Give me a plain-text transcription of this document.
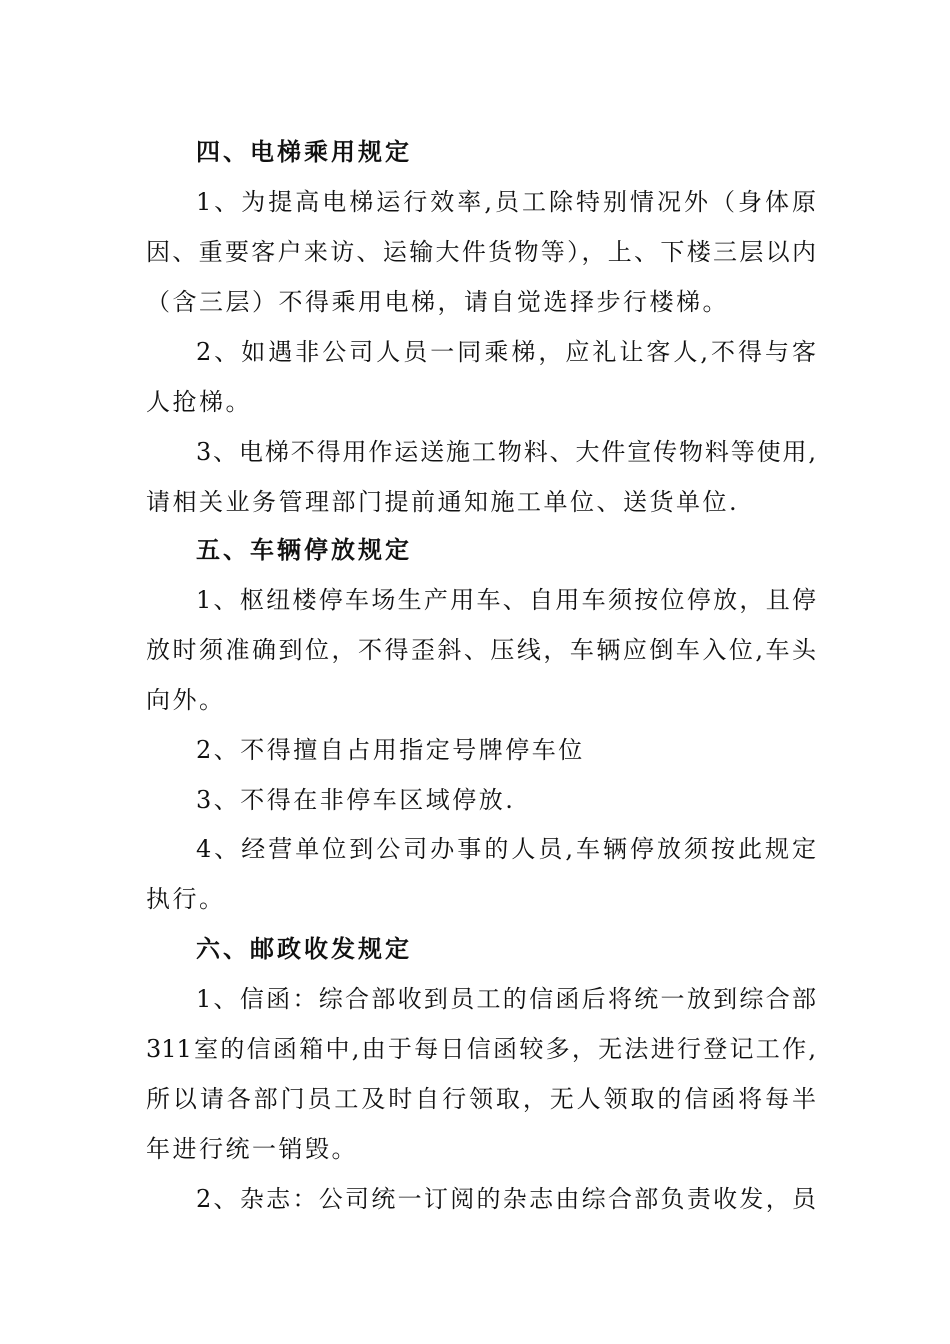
四、电梯乘用规定
1、为提高电梯运行效率,员工除特别情况外（身体原
因、重要客户来访、运输大件货物等），上、下楼三层以内
（含三层）不得乘用电梯，请自觉选择步行楼梯。
2、如遇非公司人员一同乘梯，应礼让客人,不得与客
人抢梯。
3、电梯不得用作运送施工物料、大件宣传物料等使用,
请相关业务管理部门提前通知施工单位、送货单位.
五、车辆停放规定
1、枢纽楼停车场生产用车、自用车须按位停放，且停
放时须准确到位，不得歪斜、压线，车辆应倒车入位,车头
向外。
2、不得擅自占用指定号牌停车位
3、不得在非停车区域停放.
4、经营单位到公司办事的人员,车辆停放须按此规定
执行。
六、邮政收发规定
1、信函：综合部收到员工的信函后将统一放到综合部
311室的信函箱中,由于每日信函较多，无法进行登记工作,
所以请各部门员工及时自行领取，无人领取的信函将每半
年进行统一销毁。
2、杂志：公司统一订阅的杂志由综合部负责收发，员
